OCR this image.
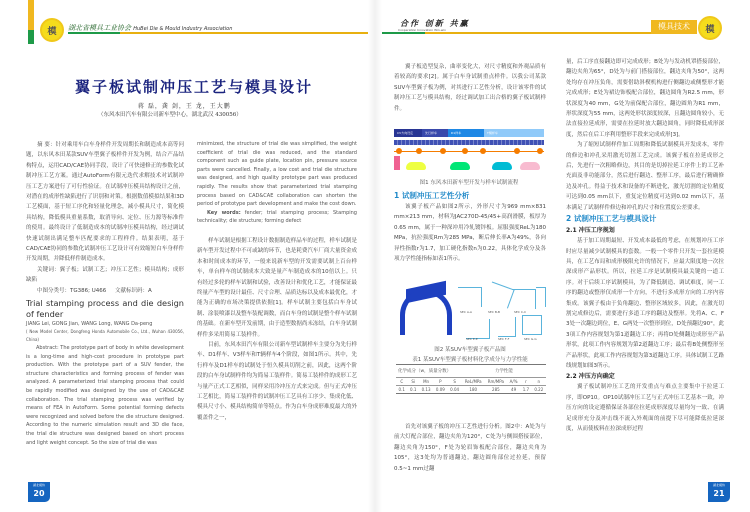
模 湖北省模具工业协会 HuBei Die & Mould Industry Association
合作 创新 共赢
Cooperation Innovation Win-win	模具技术	模
翼子板试制冲压工艺与模具设计
蒋 磊，龚 剑，王 龙，王大鹏
（东风本田汽车有限公司新车型中心，湖北武汉 430056）

摘 要：针对乘用车白车身样件开发周期长和制造成本高等问题，以东风本田某款SUV车型翼子板样件开发为例，结合产品结构特点，运用CAD/CAE协同手段，设计了可快速修正的参数化试制冲压工艺方案。通过AutoForm有限元迭代求解技术对试制冲压工艺方案进行了可行性验证。在试制冲压模具结构设计之前，对潜在的成形性缺陷进行了识别和对策。根据数值模拟结果和3D工艺模面，基于短工序化和轻量化理念，减小模具尺寸，简化模具结构，降低模具重量系数，取消导向、定位、压力源等标准件的使用。最终设计了低制造成本的试制冲压模具结构，经过调试快速试制出满足整车匹配要求的工程样件。结果表明，基于CAD/CAE协同的参数化试制冲压工艺设计可有效缩短白车身样件开发周期，并降低样件制造成本。

关键词：翼子板；试制工艺；冲压工艺性；模具结构；成形缺陷

中图分类号：TG386; U466 文献标识码：A

Trial stamping process and die design of fender
JIANG Lei, GONG Jian, WANG Long, WANG Da-peng
( New Model Center, Dongfeng Honda Automobile Co., Ltd., Wuhan 430056, China)

Abstract: The prototype part of body in white development is a long-time and high-cost procedure in prototype part production. With the prototype part of a SUV fender, the structure characteristics and forming process of fender was analyzed. A parameterized trial stamping process that could be rapidly modified was designed by the use of CAD&CAE collaboration. The trial stamping process was verified by means of FEA in AutoForm. Some potential forming defects were recognized and solved before the die structure designed. According to the numeric simulation result and 3D die face, the trial die structure was designed based on short process and light weight concept. So the size of trial die was

minimized, the structure of trial die was simplified, the weight coefficient of trial die was reduced, and the standard component such as guide plate, location pin, pressure source parts were cancelled. Finally, a low cost and trial die structure was designed, and high quality prototype part was produced rapidly. The results show that parameterized trial stamping process based on CAD&CAE collaboration can shorten the period of prototype part development and make the cost down.
Key words: fender; trial stamping process; Stamping technicality; die structure; forming defect

样车试制是根据工程设计数据制造样品车的过程，样车试制是新车型开发过程中不可或缺的环节，也是耗费汽车厂商大量资金成本和时间成本的环节，一般来说新车型的开发需要试制上百台样车，单台样车的试制成本大致是量产车制造成本的10倍以上。只有经过多轮的样车试制和试验，改善设计和优化工艺，才能保证最终量产车型的设计最佳、尺寸合理、品质达标以及成本最优化，才能为正确的市场决策提供依据[1]。样车试制主要包括白车身试制、涂装喷漆以及整车装配调数，而白车身的试制是整个样车试制的基础。在新车型开发前期，由于造型数据尚未冻结，白车身试制样件多采用简易工装样件。

目前，东风本田汽车有限公司新车型试制样车主要分为先行样车、D1样车、V3样车和T辆样车4个阶段，如图1所示。其中，先行样车及D1样车的试制处于恒久模具切削之前，因此，这两个阶段的白车身试制样件均为简易工装样件。简易工装样件的成形工艺与量产正式工艺相似，同样采用冷冲压方式来完成。但与正式冲压工艺相比，简易工装样件的试制冲压工艺具有工序少、集成化低、模具尺寸小、模具结构简单等特点。作为白车身成形难度最大的外覆盖件之一，

翼子板造型复杂，曲率变化大，对尺寸精度和外观品质有着较高的要求[2]。属于白车身试制重点样件。以我公司某款SUV车型翼子板为例，对其进行工艺性分析，设计该零件的试制冲压工艺与模具结构，经过调试加工出合格的翼子板试制样件。

CV方向设定	先行样车	D1样车	T辆样车
图1 东风本田新车型开发与样车试制流程
1 试制冲压工艺性分析

该翼子板产品如图2所示，外形尺寸为969 mm×831 mm×213 mm，材料为JAC270D-45/45+高润滑膜，板厚为0.65 mm，属于一种深冲用冷轧镀锌板。屈服强度ReL为180 MPa，抗拉强度Rm为285 MPa，断后伸长率A为49%，各向异性指数r为1.7，加工硬化指数n为0.22，具体化学成分及各项力学性能指标如表1所示。

SEC A-A	SEC B-B	SEC C-C
SEC E-E	SEC F-F	SEC G-G
图2 某SUV车型翼子板产品图
表1 某SUV车型翼子板材料化学成分与力学性能
化学成分（w，质量分数）					力学性能				
C	Si	Mn	P	S	ReL/MPa	Rm/MPa	A/%	r	n
0.1	0.1	0.13	0.09	0.04	180	285	49	1.7	0.22

首先对该翼子板的冲压工艺性进行分析。图2中：A处为与前大灯配合部位，翻边夹角为120°，C处为与侧围搭接部位，翻边夹角为150°，F处为轮眉饰板配合部位，翻边夹角为105°，这3处均为普通翻边，翻边圆角部位过拉延，预留0.5~1 mm过翻

量，后工序直接翻边即可完成成形；B处为与发动机罩搭接部位，翻边夹角为65°，D处为与前门搭接部位，翻边夹角为50°，这两处均存在冲压负角，需要借助斜楔机构进行侧翻边或侧整形才能完成成形；E处为裙边饰板配合部位，翻边圆角为R2.5 mm，形状深度为40 mm，G处为前保配合部位，翻边圆角为R1 mm，形状深度为55 mm，这两处形状深度较深，且翻边圆角较小，无法直接拉延成形，需要在拉延时放大翻边圆角，同时降低成形深度，然后在后工序利用整形手段来完成成形[3]。

为了缩短试制样件加工周期和降低试制模具开发成本，零件的修边和冲孔采用激光切割工艺完成。该翼子板在拉延成形之后，先进行一次粗略修边，其目的是切掉拉延工序件上的工艺补充面及非功能部分，然后进行翻边、整形工序，最后进行精确修边及冲孔。得益于技术和设备的不断进化，激光切割的定位精度可达到0.05 mm以下，重复定位精度可达到0.02 mm以下，基本满足了试制样件修边和冲孔的尺寸和位置度公差要求。

2 试制冲压工艺与模具设计
2.1 冲压工序规划

基于加工周期最短、开发成本最低的考虑，在规划冲压工序时应尽量减少试制模具的套数。一般一个零件只开发一套拉延模具，在工艺布局和成形极限允许的情况下，应最大限度地一次拉深成形产品形状。所以，拉延工序是试制模具最关键的一道工序。对于后续工序试制模具，为了降低制造、调试难度，同一工序的翻边或整形仅成形一个方向，不进行多成形方向的工序内容集成。该翼子板由于负角翻边、整形区域较多，因此，在激光切割完成修边后，需要进行多道工序的翻边及整形。先将A、C、F 3处一次翻边到位，E、G两处一次整形到位，D处预翻边90°，此3项工作内容规划为第1道翻边工序；再将D处侧翻边成形至产品形状，此项工作内容规划为第2道翻边工序；最后将B处侧整形至产品形状，此项工作内容规划为第3道翻边工序。具体试制工艺路线规划如图3所示。

2.2 冲压方向确定

翼子板试制冲压工艺的开发重点与难点主要集中于拉延工序，即OP10。OP10试制冲压工艺与正式冲压工艺基本一致，冲压方向的设定遵循保证各部位拉延成形深度尽量均匀一致、在满足成形充分及冲击线不流入外观面的前提下尽可能降低拉延深度，从而使板料在拉深成形过程

湖北模协
20
湖北模协
21
